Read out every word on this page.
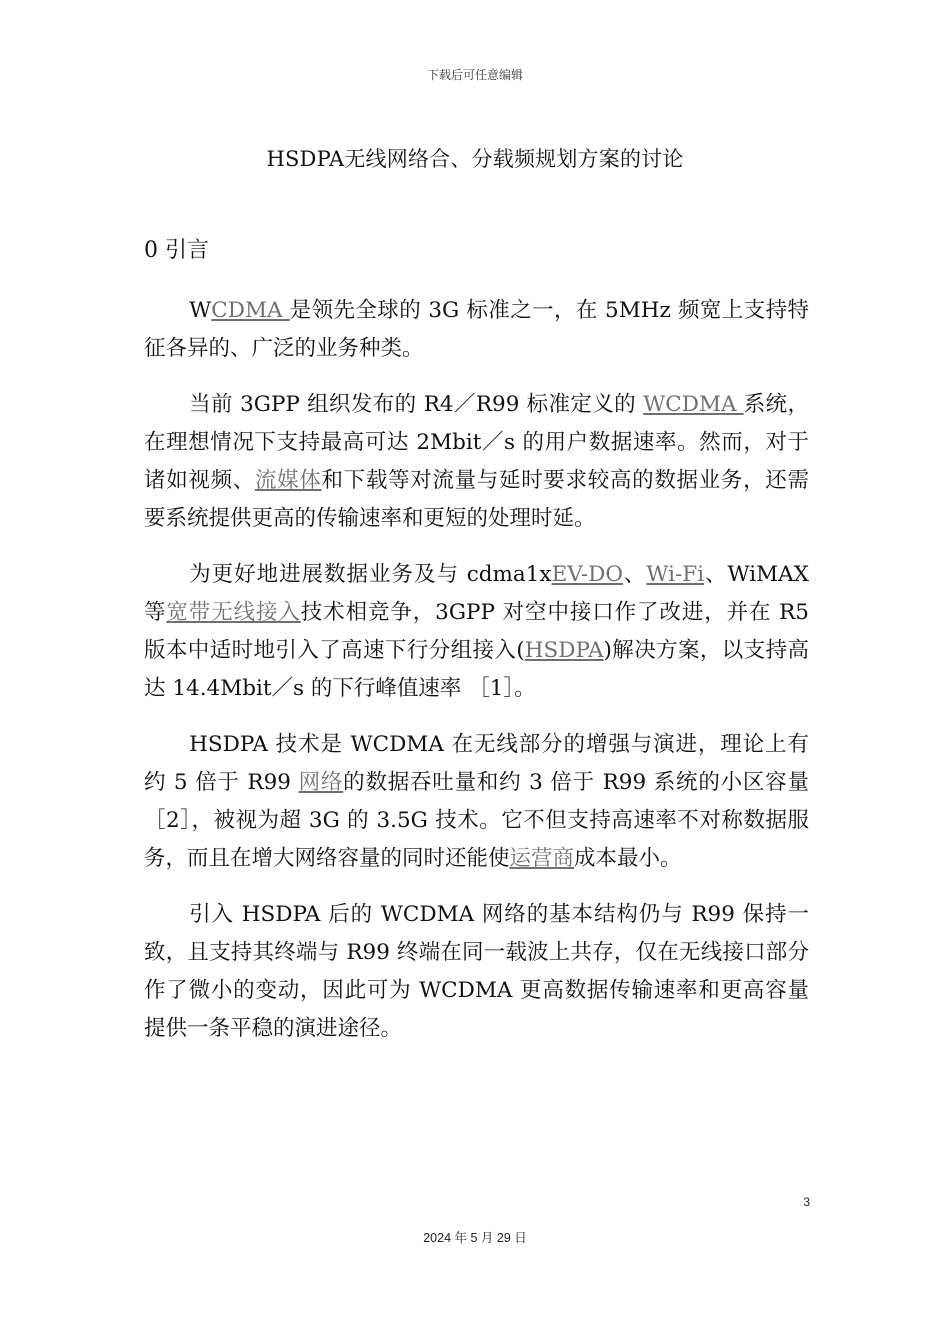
下载后可任意编辑
HSDPA无线网络合、分载频规划方案的讨论
0 引言

WCDMA 是领先全球的 3G 标准之一，在 5MHz 频宽上支持特征各异的、广泛的业务种类。

当前 3GPP 组织发布的 R4／R99 标准定义的 WCDMA 系统，在理想情况下支持最高可达 2Mbit／s 的用户数据速率。然而，对于诸如视频、流媒体和下载等对流量与延时要求较高的数据业务，还需要系统提供更高的传输速率和更短的处理时延。

为更好地进展数据业务及与 cdma1xEV-DO、Wi-Fi、WiMAX 等宽带无线接入技术相竞争，3GPP 对空中接口作了改进，并在 R5 版本中适时地引入了高速下行分组接入(HSDPA)解决方案，以支持高达 14.4Mbit／s 的下行峰值速率 ［1］。

HSDPA 技术是 WCDMA 在无线部分的增强与演进，理论上有约 5 倍于 R99 网络的数据吞吐量和约 3 倍于 R99 系统的小区容量 ［2］，被视为超 3G 的 3.5G 技术。它不但支持高速率不对称数据服务，而且在增大网络容量的同时还能使运营商成本最小。

引入 HSDPA 后的 WCDMA 网络的基本结构仍与 R99 保持一致，且支持其终端与 R99 终端在同一载波上共存，仅在无线接口部分作了微小的变动，因此可为 WCDMA 更高数据传输速率和更高容量提供一条平稳的演进途径。

3
2024 年 5 月 29 日
